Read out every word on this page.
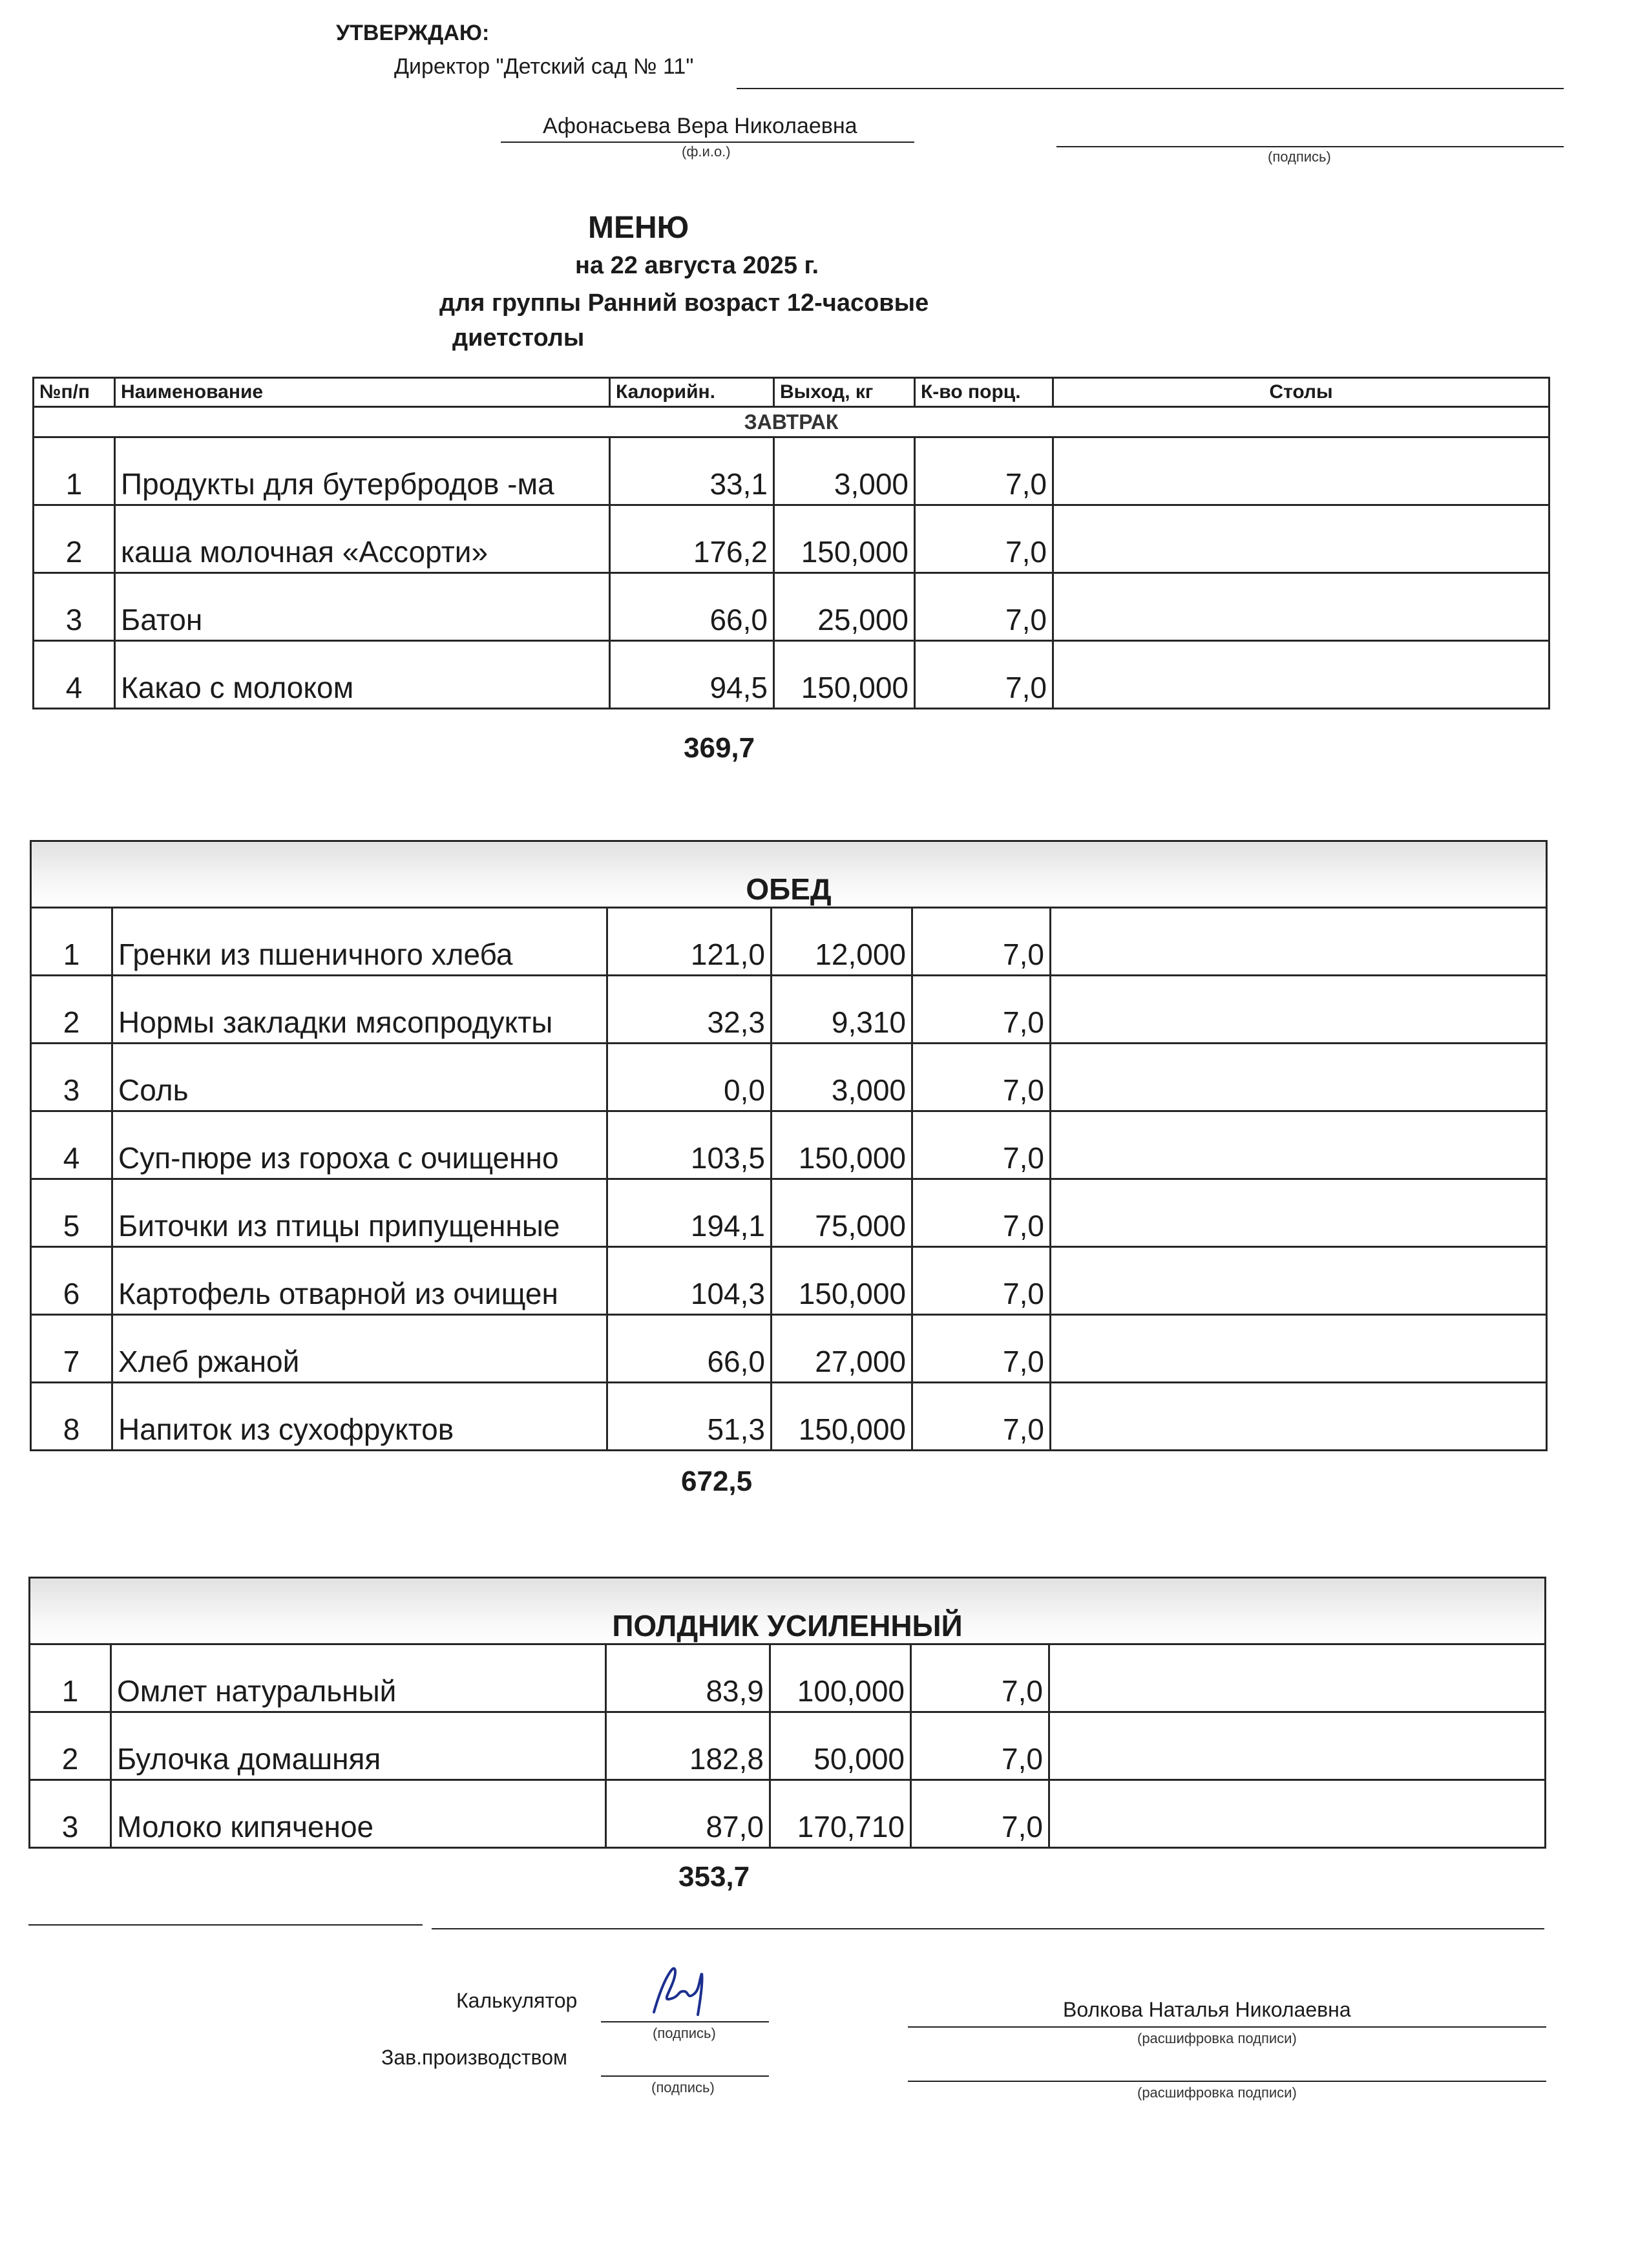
УТВЕРЖДАЮ:
Директор "Детский сад № 11"
Афонасьева Вера Николаевна
(ф.и.о.)	(подпись)
МЕНЮ
на 22 августа 2025 г.
для группы Ранний возраст 12-часовые
диетстолы
№п/п	Наименование	Калорийн.	Выход, кг	К-во порц.	Столы
ЗАВТРАК					
1	Продукты для бутербродов -ма	33,1	3,000	7,0	
2	каша молочная «Ассорти»	176,2	150,000	7,0	
3	Батон	66,0	25,000	7,0	
4	Какао с молоком	94,5	150,000	7,0	
369,7
ОБЕД					
1	Гренки из пшеничного хлеба	121,0	12,000	7,0	
2	Нормы закладки мясопродукты	32,3	9,310	7,0	
3	Соль	0,0	3,000	7,0	
4	Суп-пюре из гороха с очищенно	103,5	150,000	7,0	
5	Биточки из птицы припущенные	194,1	75,000	7,0	
6	Картофель отварной из очищен	104,3	150,000	7,0	
7	Хлеб ржаной	66,0	27,000	7,0	
8	Напиток из сухофруктов	51,3	150,000	7,0	
672,5
ПОЛДНИК УСИЛЕННЫЙ					
1	Омлет натуральный	83,9	100,000	7,0	
2	Булочка домашняя	182,8	50,000	7,0	
3	Молоко кипяченое	87,0	170,710	7,0	
353,7
Калькулятор
(подпись)
Волкова Наталья Николаевна
(расшифровка подписи)
Зав.производством
(подпись)	(расшифровка подписи)
